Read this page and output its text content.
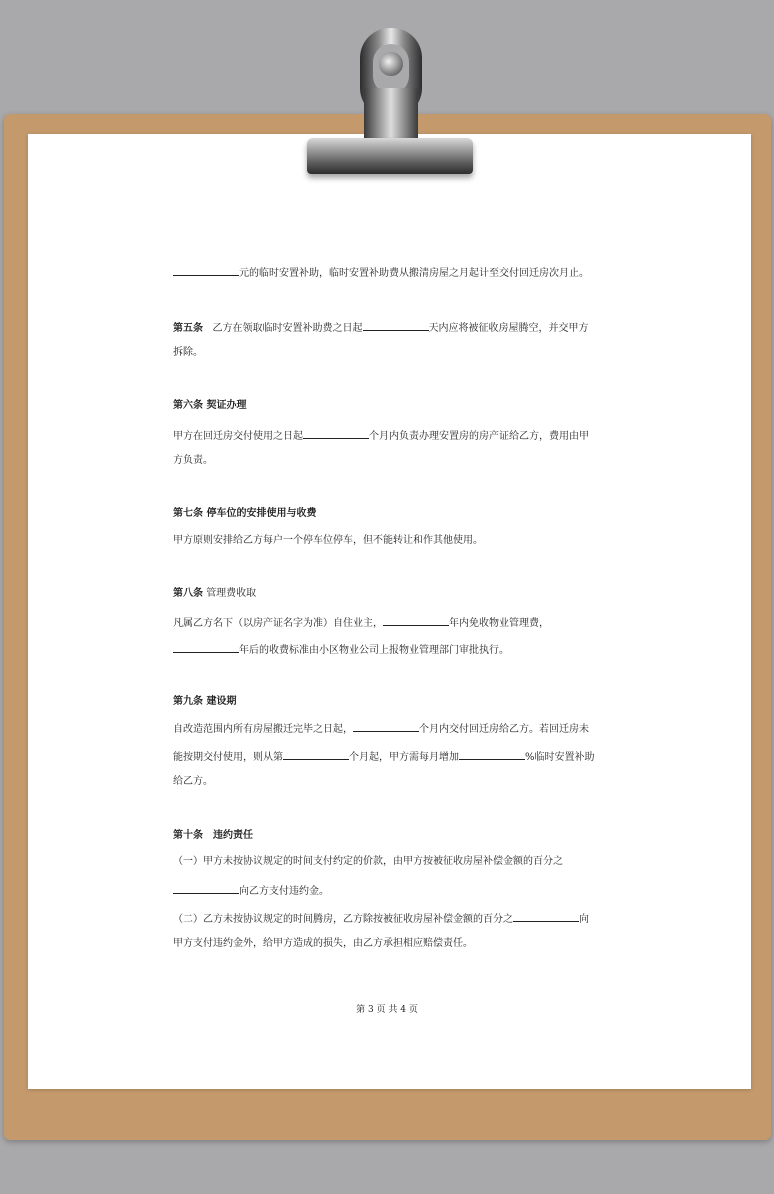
元的临时安置补助，临时安置补助费从搬清房屋之月起计至交付回迁房次月止。
第五条 乙方在领取临时安置补助费之日起	天内应将被征收房屋腾空，并交甲方
拆除。
第六条 契证办理
甲方在回迁房交付使用之日起	个月内负责办理安置房的房产证给乙方，费用由甲
方负责。
第七条 停车位的安排使用与收费
甲方原则安排给乙方每户一个停车位停车，但不能转让和作其他使用。
第八条 管理费收取
凡属乙方名下（以房产证名字为准）自住业主，	年内免收物业管理费，
年后的收费标准由小区物业公司上报物业管理部门审批执行。
第九条 建设期
自改造范围内所有房屋搬迁完毕之日起，	个月内交付回迁房给乙方。若回迁房未
能按期交付使用，则从第	个月起，甲方需每月增加	%临时安置补助
给乙方。
第十条　违约责任
（一）甲方未按协议规定的时间支付约定的价款，由甲方按被征收房屋补偿金额的百分之
向乙方支付违约金。
（二）乙方未按协议规定的时间腾房，乙方除按被征收房屋补偿金额的百分之	向
甲方支付违约金外，给甲方造成的损失，由乙方承担相应赔偿责任。
第 3 页 共 4 页
